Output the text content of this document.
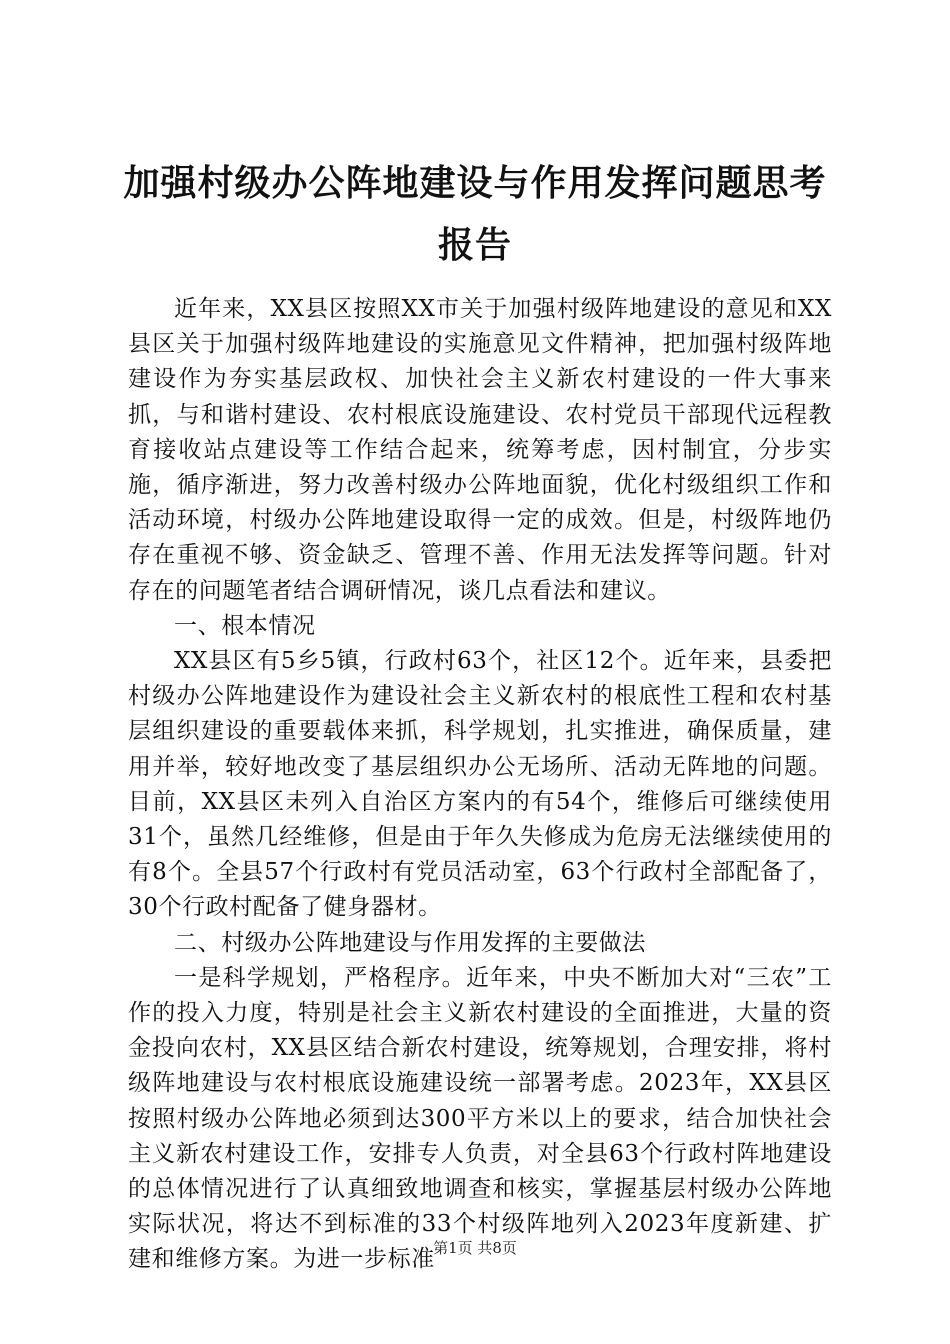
加强村级办公阵地建设与作用发挥问题思考报告

近年来，XX县区按照XX市关于加强村级阵地建设的意见和XX县区关于加强村级阵地建设的实施意见文件精神，把加强村级阵地建设作为夯实基层政权、加快社会主义新农村建设的一件大事来抓，与和谐村建设、农村根底设施建设、农村党员干部现代远程教育接收站点建设等工作结合起来，统筹考虑，因村制宜，分步实施，循序渐进，努力改善村级办公阵地面貌，优化村级组织工作和活动环境，村级办公阵地建设取得一定的成效。但是，村级阵地仍存在重视不够、资金缺乏、管理不善、作用无法发挥等问题。针对存在的问题笔者结合调研情况，谈几点看法和建议。

一、根本情况

XX县区有5乡5镇，行政村63个，社区12个。近年来，县委把村级办公阵地建设作为建设社会主义新农村的根底性工程和农村基层组织建设的重要载体来抓，科学规划，扎实推进，确保质量，建用并举，较好地改变了基层组织办公无场所、活动无阵地的问题。目前，XX县区未列入自治区方案内的有54个，维修后可继续使用31个，虽然几经维修，但是由于年久失修成为危房无法继续使用的有8个。全县57个行政村有党员活动室，63个行政村全部配备了，30个行政村配备了健身器材。

二、村级办公阵地建设与作用发挥的主要做法

一是科学规划，严格程序。近年来，中央不断加大对“三农”工作的投入力度，特别是社会主义新农村建设的全面推进，大量的资金投向农村，XX县区结合新农村建设，统筹规划，合理安排，将村级阵地建设与农村根底设施建设统一部署考虑。2023年，XX县区按照村级办公阵地必须到达300平方米以上的要求，结合加快社会主义新农村建设工作，安排专人负责，对全县63个行政村阵地建设的总体情况进行了认真细致地调查和核实，掌握基层村级办公阵地实际状况，将达不到标准的33个村级阵地列入2023年度新建、扩建和维修方案。为进一步标准

第1页 共8页
